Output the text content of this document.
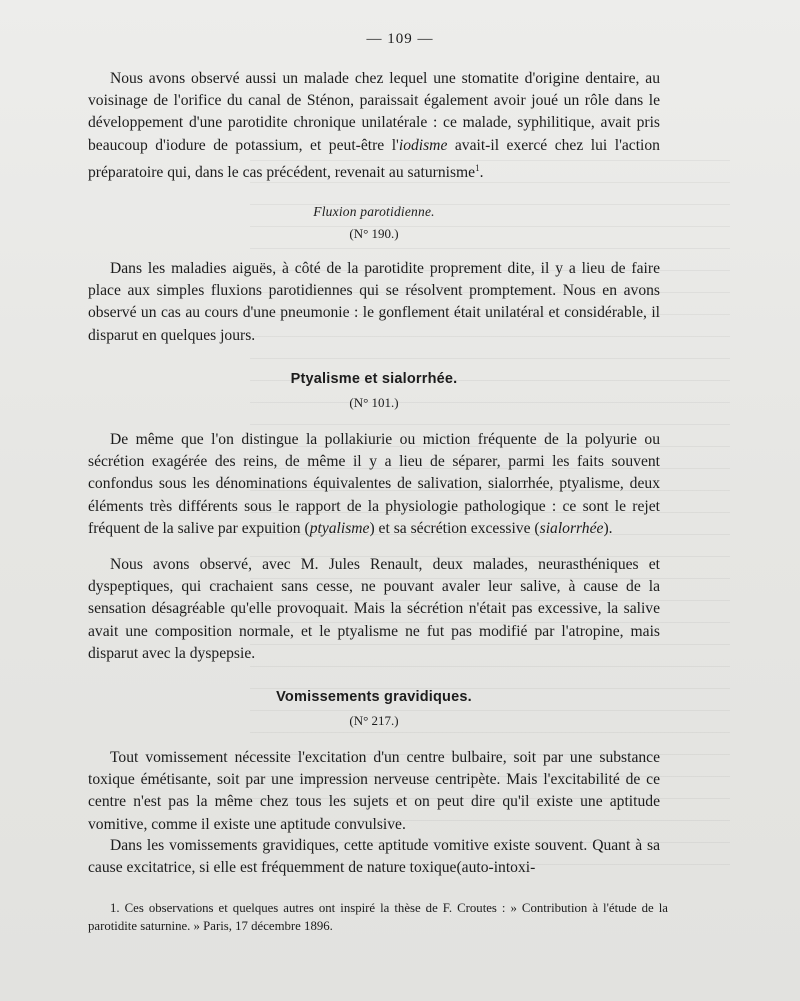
— 109 —

Nous avons observé aussi un malade chez lequel une stomatite d'origine dentaire, au voisinage de l'orifice du canal de Sténon, paraissait également avoir joué un rôle dans le développement d'une parotidite chronique unilatérale : ce malade, syphilitique, avait pris beaucoup d'iodure de potassium, et peut-être l'iodisme avait-il exercé chez lui l'action préparatoire qui, dans le cas précédent, revenait au saturnisme$^1$.

Fluxion parotidienne.
(N° 190.)

Dans les maladies aiguës, à côté de la parotidite proprement dite, il y a lieu de faire place aux simples fluxions parotidiennes qui se résolvent promptement. Nous en avons observé un cas au cours d'une pneumonie : le gonflement était unilatéral et considérable, il disparut en quelques jours.

Ptyalisme et sialorrhée.
(N° 101.)

De même que l'on distingue la pollakiurie ou miction fréquente de la polyurie ou sécrétion exagérée des reins, de même il y a lieu de séparer, parmi les faits souvent confondus sous les dénominations équivalentes de salivation, sialorrhée, ptyalisme, deux éléments très différents sous le rapport de la physiologie pathologique : ce sont le rejet fréquent de la salive par expuition (ptyalisme) et sa sécrétion excessive (sialorrhée).

Nous avons observé, avec M. Jules Renault, deux malades, neurasthéniques et dyspeptiques, qui crachaient sans cesse, ne pouvant avaler leur salive, à cause de la sensation désagréable qu'elle provoquait. Mais la sécrétion n'était pas excessive, la salive avait une composition normale, et le ptyalisme ne fut pas modifié par l'atropine, mais disparut avec la dyspepsie.

Vomissements gravidiques.
(N° 217.)

Tout vomissement nécessite l'excitation d'un centre bulbaire, soit par une substance toxique émétisante, soit par une impression nerveuse centripète. Mais l'excitabilité de ce centre n'est pas la même chez tous les sujets et on peut dire qu'il existe une aptitude vomitive, comme il existe une aptitude convulsive.

Dans les vomissements gravidiques, cette aptitude vomitive existe souvent. Quant à sa cause excitatrice, si elle est fréquemment de nature toxique(auto-intoxi-

1. Ces observations et quelques autres ont inspiré la thèse de F. Croutes : » Contribution à l'étude de la parotidite saturnine. » Paris, 17 décembre 1896.
